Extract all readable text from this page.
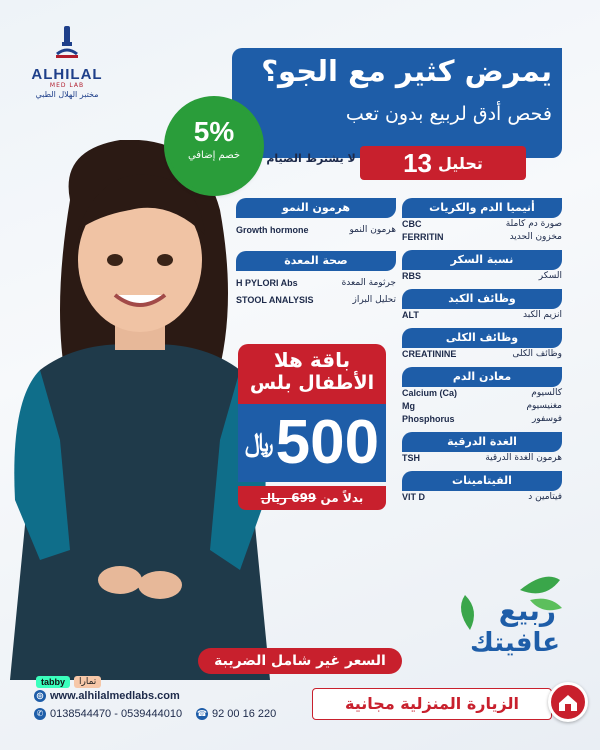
ALHILAL
MED LAB
مختبر الهلال الطبي
يمرض كثير مع الجو؟
فحص أدق لربيع بدون تعب
5%
خصم إضافي	لا يشترط الصيام	تحليل
13
أنيميا الدم والكريات
CBC	صورة دم كاملة
FERRITIN	مخزون الحديد
نسبة السكر
RBS	السكر
وظائف الكبد
ALT	انزيم الكبد
وظائف الكلى
CREATININE	وظائف الكلى
معادن الدم
Calcium (Ca)	كالسيوم
Mg	مغنيسيوم
Phosphorus	فوسفور
الغدة الدرقية
TSH	هرمون الغدة الدرقية
الفيتامينات
VIT D	فيتامين د
هرمون النمو
Growth hormone	هرمون النمو
صحة المعدة
H PYLORI Abs	جرثومة المعدة
STOOL ANALYSIS	تحليل البراز
باقة هلا
الأطفال بلس
﷼ 500
بدلاً من 699 ريال
ربيع
عافيتك
السعر غير شامل الضريبة
tabby	تمارا
◎ www.alhilalmedlabs.com
✆ 0138544470 - 0539444010 ☎ 92 00 16 220
الزيارة المنزلية مجانية
